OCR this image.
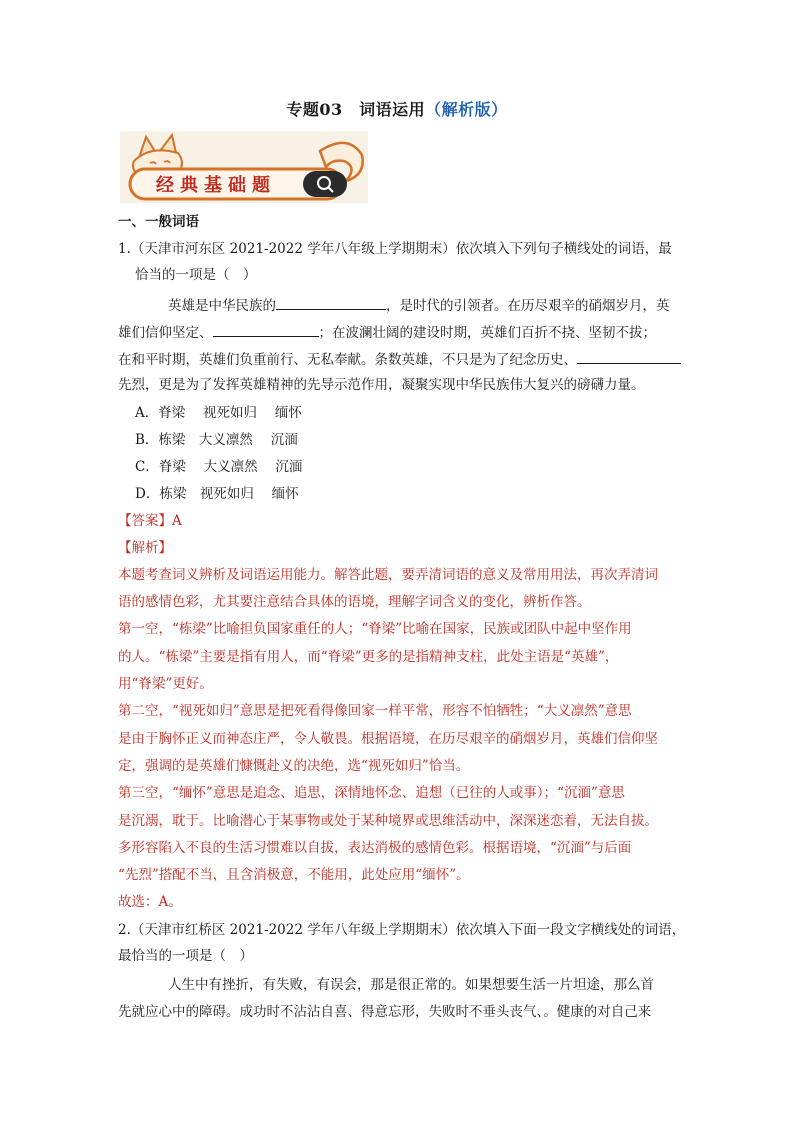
专题03　词语运用（解析版）
经典基础题
一、一般词语
1.（天津市河东区 2021-2022 学年八年级上学期期末）依次填入下列句子横线处的词语，最
恰当的一项是（　）
英雄是中华民族的	，是时代的引领者。在历尽艰辛的硝烟岁月，英
雄们信仰坚定、	；在波澜壮阔的建设时期，英雄们百折不挠、坚韧不拔；
在和平时期，英雄们负重前行、无私奉献。条数英雄，不只是为了纪念历史、
先烈，更是为了发挥英雄精神的先导示范作用，凝聚实现中华民族伟大复兴的磅礴力量。
A．脊梁　 视死如归　 缅怀
B．栋梁　大义凛然　 沉湎
C．脊梁　 大义凛然　 沉湎
D．栋梁　视死如归　 缅怀
【答案】A
【解析】
本题考查词义辨析及词语运用能力。解答此题，要弄清词语的意义及常用用法，再次弄清词
语的感情色彩，尤其要注意结合具体的语境，理解字词含义的变化，辨析作答。
第一空，“栋梁”比喻担负国家重任的人；“脊梁”比喻在国家，民族或团队中起中坚作用
的人。“栋梁”主要是指有用人，而“脊梁”更多的是指精神支柱，此处主语是“英雄”，
用“脊梁”更好。
第二空，“视死如归”意思是把死看得像回家一样平常，形容不怕牺牲；“大义凛然”意思
是由于胸怀正义而神态庄严，令人敬畏。根据语境，在历尽艰辛的硝烟岁月，英雄们信仰坚
定，强调的是英雄们慷慨赴义的决绝，选“视死如归”恰当。
第三空，“缅怀”意思是追念、追思，深情地怀念、追想（已往的人或事）；“沉湎”意思
是沉溺，耽于。比喻潜心于某事物或处于某种境界或思维活动中，深深迷恋着，无法自拔。
多形容陷入不良的生活习惯难以自拔，表达消极的感情色彩。根据语境，“沉湎”与后面
“先烈”搭配不当，且含消极意，不能用，此处应用“缅怀”。
故选：A。
2.（天津市红桥区 2021-2022 学年八年级上学期期末）依次填入下面一段文字横线处的词语，
最恰当的一项是（　）
人生中有挫折，有失败，有误会，那是很正常的。如果想要生活一片坦途，那么首
先就应心中的障碍。成功时不沾沾自喜、得意忘形，失败时不垂头丧气、。健康的对自己来
